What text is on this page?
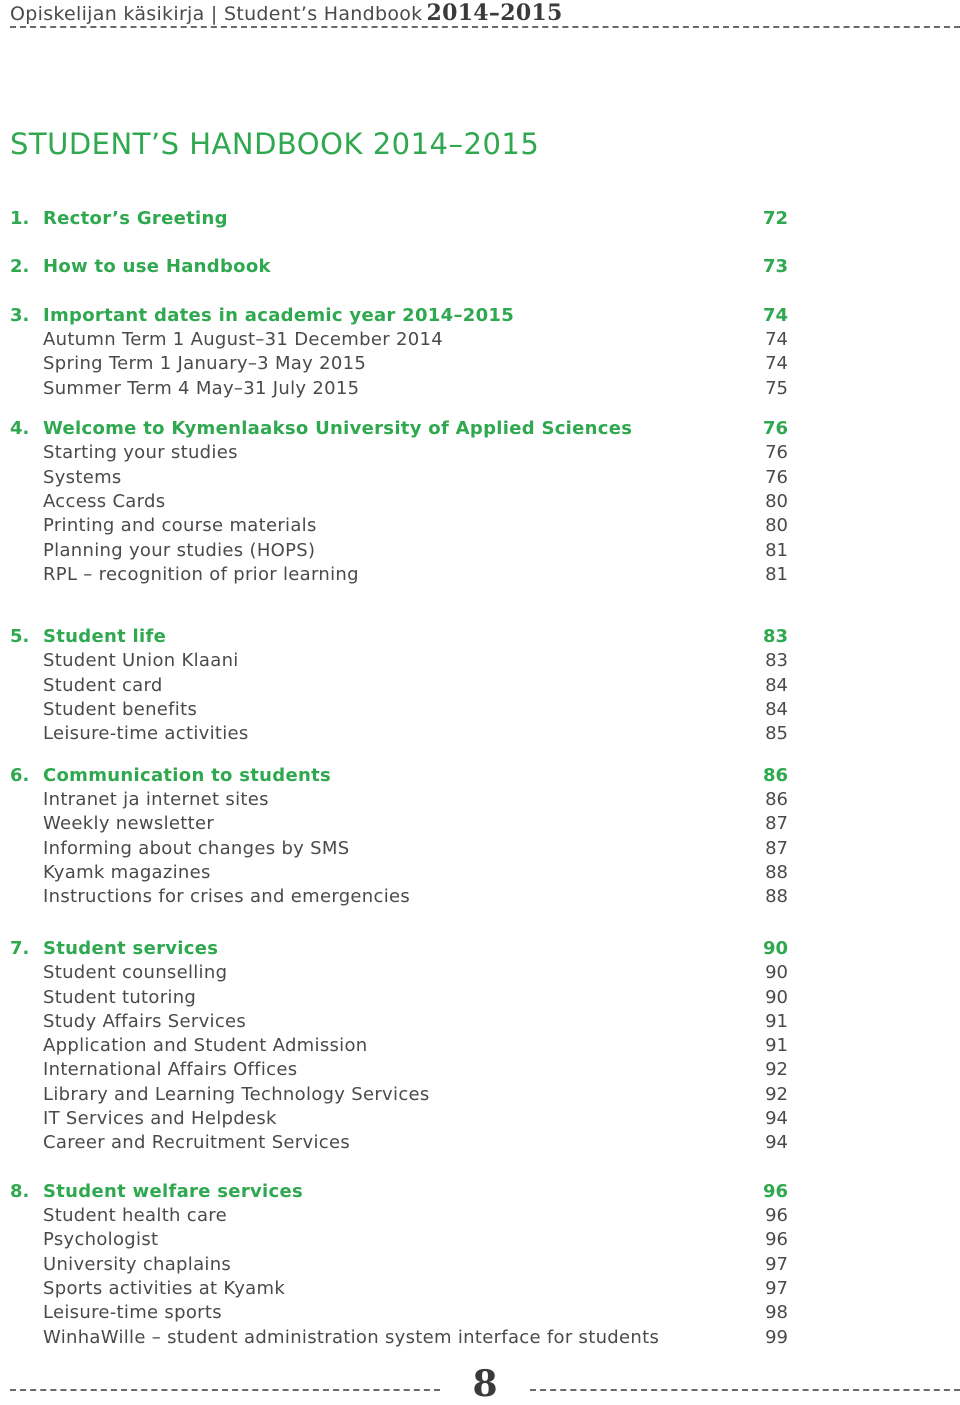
Opiskelijan käsikirja | Student’s Handbook 2014–2015
STUDENT’S HANDBOOK 2014–2015
1. Rector’s Greeting	72
2. How to use Handbook	73
3. Important dates in academic year 2014–2015	74
Autumn Term 1 August–31 December 2014	74
Spring Term 1 January–3 May 2015	74
Summer Term 4 May–31 July 2015	75
4. Welcome to Kymenlaakso University of Applied Sciences	76
Starting your studies	76
Systems	76
Access Cards	80
Printing and course materials	80
Planning your studies (HOPS)	81
RPL – recognition of prior learning	81
5. Student life	83
Student Union Klaani	83
Student card	84
Student benefits	84
Leisure-time activities	85
6. Communication to students	86
Intranet ja internet sites	86
Weekly newsletter	87
Informing about changes by SMS	87
Kyamk magazines	88
Instructions for crises and emergencies	88
7. Student services	90
Student counselling	90
Student tutoring	90
Study Affairs Services	91
Application and Student Admission	91
International Affairs Offices	92
Library and Learning Technology Services	92
IT Services and Helpdesk	94
Career and Recruitment Services	94
8. Student welfare services	96
Student health care	96
Psychologist	96
University chaplains	97
Sports activities at Kyamk	97
Leisure-time sports	98
WinhaWille – student administration system interface for students	99
8
